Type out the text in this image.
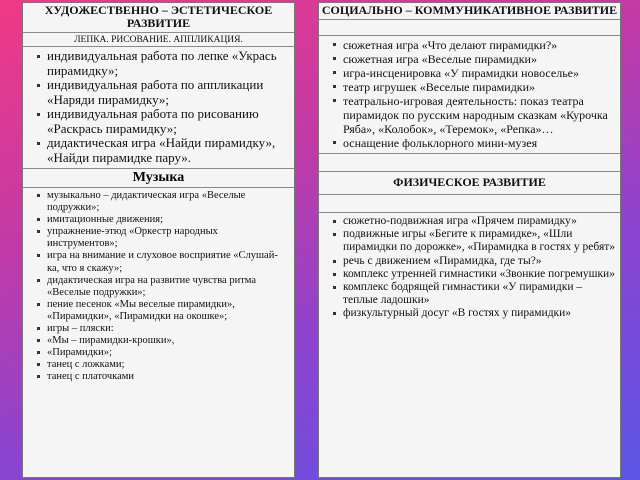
ХУДОЖЕСТВЕННО – ЭСТЕТИЧЕСКОЕ РАЗВИТИЕ
ЛЕПКА. РИСОВАНИЕ. АППЛИКАЦИЯ.
индивидуальная работа по лепке «Укрась пирамидку»;
индивидуальная работа по аппликации «Наряди пирамидку»;
индивидуальная работа по рисованию «Раскрась пирамидку»;
дидактическая игра «Найди пирамидку», «Найди пирамидке пару».
Музыка
музыкально – дидактическая игра «Веселые подружки»;
имитационные движения;
упражнение-этюд «Оркестр народных инструментов»;
игра на внимание и слуховое восприятие «Слушай-ка, что я скажу»;
дидактическая игра на развитие чувства ритма «Веселые подружки»;
пение песенок «Мы веселые пирамидки», «Пирамидки», «Пирамидки на окошке»;
игры – пляски:
«Мы – пирамидки-крошки»,
«Пирамидки»;
танец с ложками;
танец с платочками
СОЦИАЛЬНО – КОММУНИКАТИВНОЕ РАЗВИТИЕ
сюжетная игра «Что делают пирамидки?»
сюжетная игра «Веселые пирамидки»
игра-инсценировка «У пирамидки новоселье»
театр игрушек «Веселые пирамидки»
театрально-игровая деятельность: показ театра пирамидок по русским народным сказкам «Курочка Ряба», «Колобок», «Теремок», «Репка»…
оснащение фольклорного мини-музея
ФИЗИЧЕСКОЕ РАЗВИТИЕ
сюжетно-подвижная игра «Прячем пирамидку»
подвижные игры «Бегите к пирамидке», «Шли пирамидки по дорожке», «Пирамидка в гостях у ребят»
речь с движением «Пирамидка, где ты?»
комплекс утренней гимнастики «Звонкие погремушки»
комплекс бодрящей гимнастики «У пирамидки – теплые ладошки»
физкультурный досуг «В гостях у пирамидки»
